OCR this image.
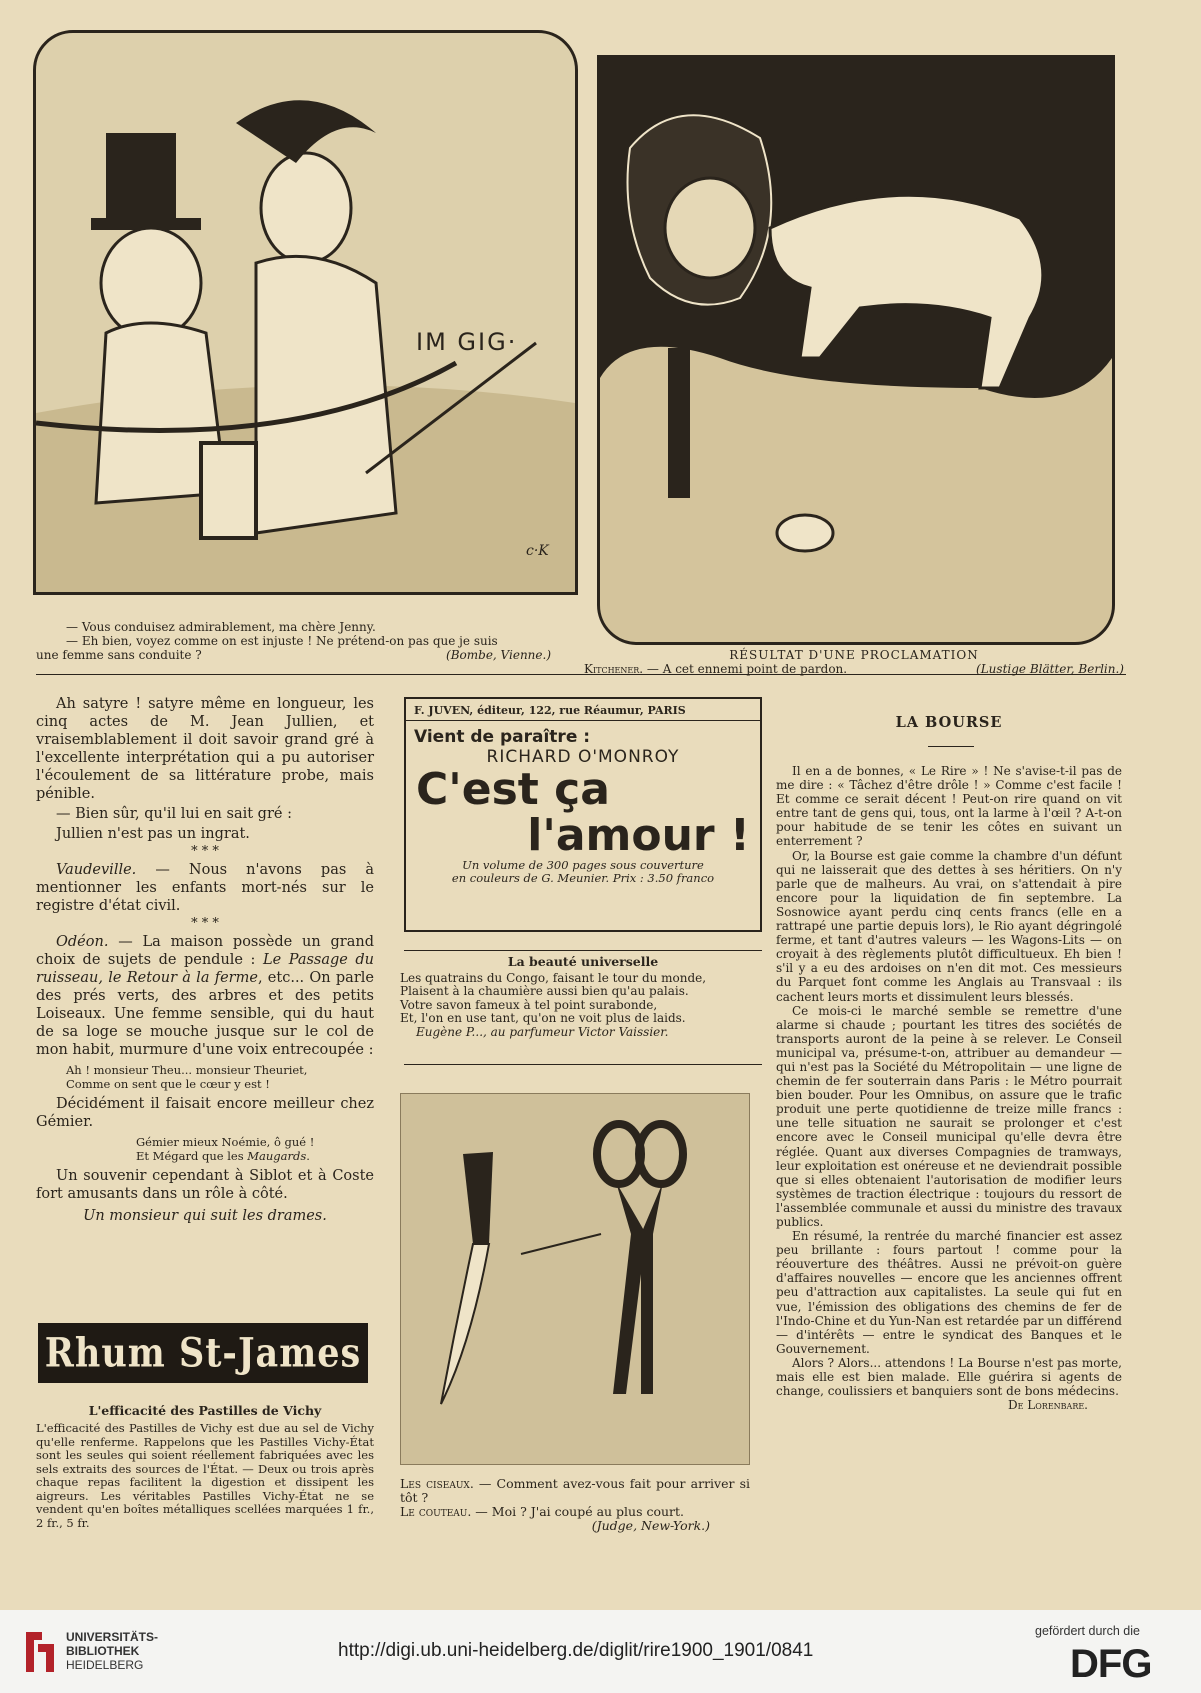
IM GIG·
c·K
— Vous conduisez admirablement, ma chère Jenny.
— Eh bien, voyez comme on est injuste ! Ne prétend-on pas que je suis
une femme sans conduite ?	(Bombe, Vienne.)	RÉSULTAT D'UNE PROCLAMATION
Kitchener. — A cet ennemi point de pardon.	(Lustige Blätter, Berlin.)

Ah satyre ! satyre même en longueur, les cinq actes de M. Jean Jullien, et vraisemblablement il doit savoir grand gré à l'excellente interprétation qui a pu autoriser l'écoulement de sa littérature probe, mais pénible.

— Bien sûr, qu'il lui en sait gré :

Jullien n'est pas un ingrat.

* * *

Vaudeville. — Nous n'avons pas à mentionner les enfants mort-nés sur le registre d'état civil.

* * *

Odéon. — La maison possède un grand choix de sujets de pendule : Le Passage du ruisseau, le Retour à la ferme, etc... On parle des prés verts, des arbres et des petits Loiseaux. Une femme sensible, qui du haut de sa loge se mouche jusque sur le col de mon habit, murmure d'une voix entrecoupée :

Ah ! monsieur Theu... monsieur Theuriet,
Comme on sent que le cœur y est !

Décidément il faisait encore meilleur chez Gémier.

Gémier mieux Noémie, ô gué !
Et Mégard que les Maugards.

Un souvenir cependant à Siblot et à Coste fort amusants dans un rôle à côté.

Un monsieur qui suit les drames.
Rhum St-James
L'efficacité des Pastilles de Vichy
L'efficacité des Pastilles de Vichy est due au sel de Vichy qu'elle renferme. Rappelons que les Pastilles Vichy-État sont les seules qui soient réellement fabriquées avec les sels extraits des sources de l'État. — Deux ou trois après chaque repas facilitent la digestion et dissipent les aigreurs. Les véritables Pastilles Vichy-État ne se vendent qu'en boîtes métalliques scellées marquées 1 fr., 2 fr., 5 fr.
F. JUVEN, éditeur, 122, rue Réaumur, PARIS
Vient de paraître :
RICHARD O'MONROY
C'est ça
l'amour !
Un volume de 300 pages sous couverture
en couleurs de G. Meunier. Prix : 3.50 franco
La beauté universelle
Les quatrains du Congo, faisant le tour du monde,
Plaisent à la chaumière aussi bien qu'au palais.
Votre savon fameux à tel point surabonde,
Et, l'on en use tant, qu'on ne voit plus de laids.
Eugène P..., au parfumeur Victor Vaissier.
Les ciseaux. — Comment avez-vous fait pour arriver si tôt ?
Le couteau. — Moi ? J'ai coupé au plus court.
(Judge, New-York.)
LA BOURSE

Il en a de bonnes, « Le Rire » ! Ne s'avise-t-il pas de me dire : « Tâchez d'être drôle ! » Comme c'est facile ! Et comme ce serait décent ! Peut-on rire quand on vit entre tant de gens qui, tous, ont la larme à l'œil ? A-t-on pour habitude de se tenir les côtes en suivant un enterrement ?

Or, la Bourse est gaie comme la chambre d'un défunt qui ne laisserait que des dettes à ses héritiers. On n'y parle que de malheurs. Au vrai, on s'attendait à pire encore pour la liquidation de fin septembre. La Sosnowice ayant perdu cinq cents francs (elle en a rattrapé une partie depuis lors), le Rio ayant dégringolé ferme, et tant d'autres valeurs — les Wagons-Lits — on croyait à des règlements plutôt difficultueux. Eh bien ! s'il y a eu des ardoises on n'en dit mot. Ces messieurs du Parquet font comme les Anglais au Transvaal : ils cachent leurs morts et dissimulent leurs blessés.

Ce mois-ci le marché semble se remettre d'une alarme si chaude ; pourtant les titres des sociétés de transports auront de la peine à se relever. Le Conseil municipal va, présume-t-on, attribuer au demandeur — qui n'est pas la Société du Métropolitain — une ligne de chemin de fer souterrain dans Paris : le Métro pourrait bien bouder. Pour les Omnibus, on assure que le trafic produit une perte quotidienne de treize mille francs : une telle situation ne saurait se prolonger et c'est encore avec le Conseil municipal qu'elle devra être réglée. Quant aux diverses Compagnies de tramways, leur exploitation est onéreuse et ne deviendrait possible que si elles obtenaient l'autorisation de modifier leurs systèmes de traction électrique : toujours du ressort de l'assemblée communale et aussi du ministre des travaux publics.

En résumé, la rentrée du marché financier est assez peu brillante : fours partout ! comme pour la réouverture des théâtres. Aussi ne prévoit-on guère d'affaires nouvelles — encore que les anciennes offrent peu d'attraction aux capitalistes. La seule qui fut en vue, l'émission des obligations des chemins de fer de l'Indo-Chine et du Yun-Nan est retardée par un différend — d'intérêts — entre le syndicat des Banques et le Gouvernement.

Alors ? Alors... attendons ! La Bourse n'est pas morte, mais elle est bien malade. Elle guérira si agents de change, coulissiers et banquiers sont de bons médecins.

De Lorenbare.
UNIVERSITÄTS-
BIBLIOTHEK
HEIDELBERG
http://digi.ub.uni-heidelberg.de/diglit/rire1900_1901/0841
gefördert durch die
DFG
